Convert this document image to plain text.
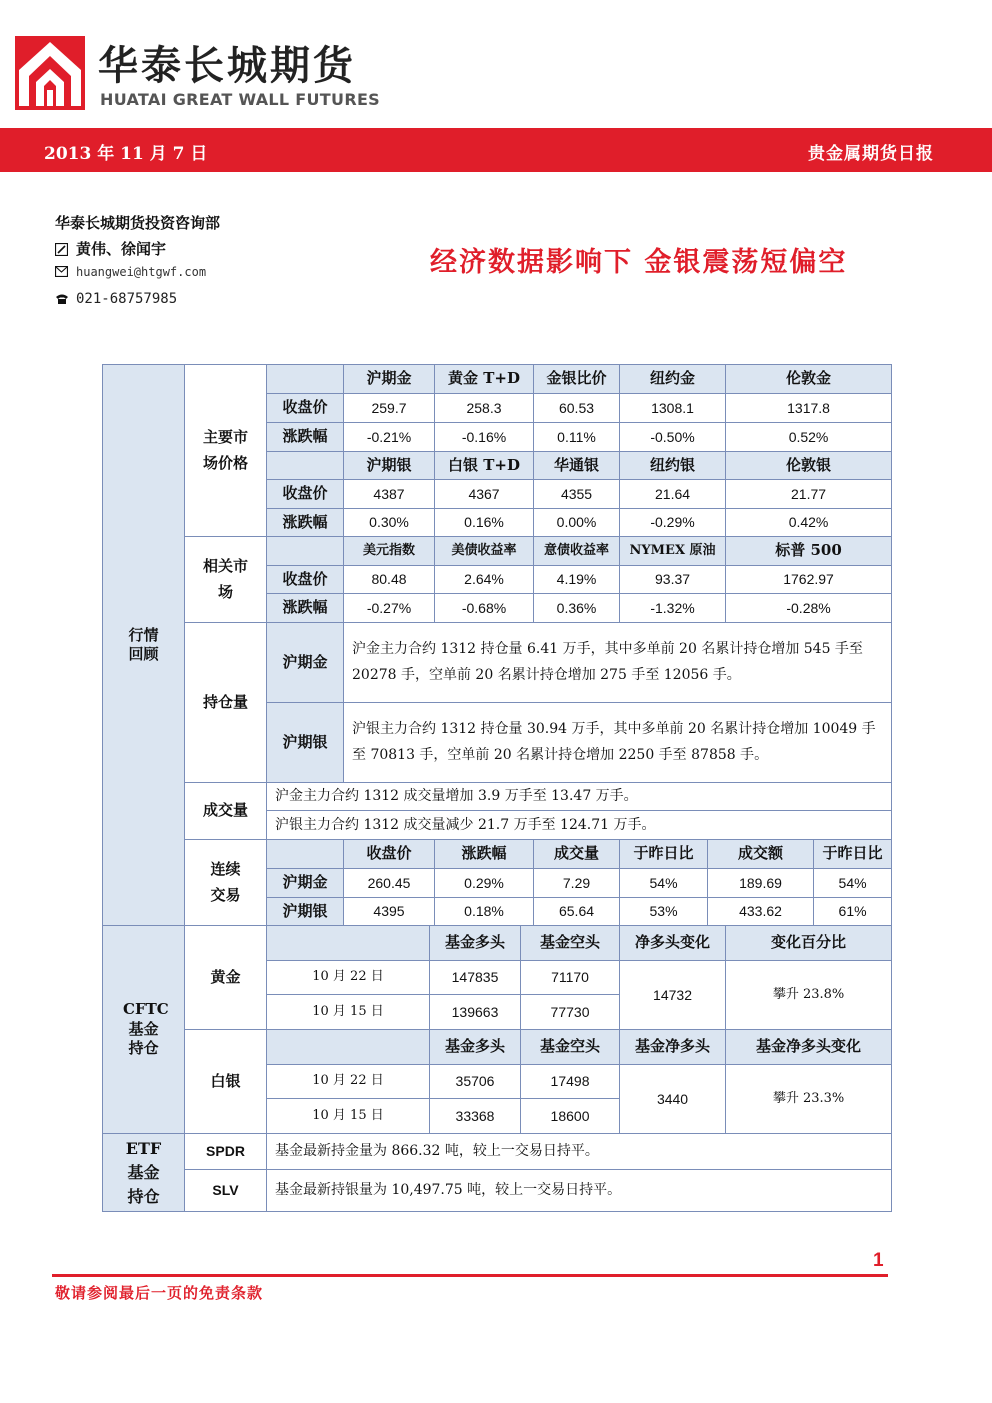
华泰长城期货
HUATAI GREAT WALL FUTURES
2013 年 11 月 7 日	贵金属期货日报
华泰长城期货投资咨询部
黄伟、徐闻宇
huangwei@htgwf.com
021-68757985
经济数据影响下 金银震荡短偏空
行情回顾	主要市场价格		沪期金		黄金 T+D		金银比价	纽约金		伦敦金	
		收盘价	259.7		258.3		60.53	1308.1		1317.8	
		涨跌幅	-0.21%		-0.16%		0.11%	-0.50%		0.52%	
			沪期银		白银 T+D		华通银	纽约银		伦敦银	
		收盘价	4387		4367		4355	21.64		21.77	
		涨跌幅	0.30%		0.16%		0.00%	-0.29%		0.42%	
	相关市场		美元指数		美债收益率		意债收益率	NYMEX 原油		标普 500	
		收盘价	80.48		2.64%		4.19%	93.37		1762.97	
		涨跌幅	-0.27%		-0.68%		0.36%	-1.32%		-0.28%	
	持仓量	沪期金	沪金主力合约 1312 持仓量 6.41 万手，其中多单前 20 名累计持仓增加 545 手至 20278 手，空单前 20 名累计持仓增加 275 手至 12056 手。								
		沪期银	沪银主力合约 1312 持仓量 30.94 万手，其中多单前 20 名累计持仓增加 10049 手至 70813 手，空单前 20 名累计持仓增加 2250 手至 87858 手。								
	成交量	沪金主力合约 1312 成交量增加 3.9 万手至 13.47 万手。									
		沪银主力合约 1312 成交量减少 21.7 万手至 124.71 万手。									
	连续交易		收盘价		涨跌幅		成交量	于昨日比	成交额		于昨日比
		沪期金	260.45		0.29%		7.29	54%	189.69		54%
		沪期银	4395		0.18%		65.64	53%	433.62		61%
CFTC 基金持仓	黄金			基金多头		基金空头		净多头变化		变化百分比	
		10 月 22 日		147835		71170		14732		攀升 23.8%	
		10 月 15 日		139663		77730					
	白银			基金多头		基金空头		基金净多头		基金净多头变化	
		10 月 22 日		35706		17498		3440		攀升 23.3%	
		10 月 15 日		33368		18600					
ETF 基金持仓	SPDR	基金最新持金量为 866.32 吨，较上一交易日持平。									
	SLV	基金最新持银量为 10,497.75 吨，较上一交易日持平。									
1
敬请参阅最后一页的免责条款
